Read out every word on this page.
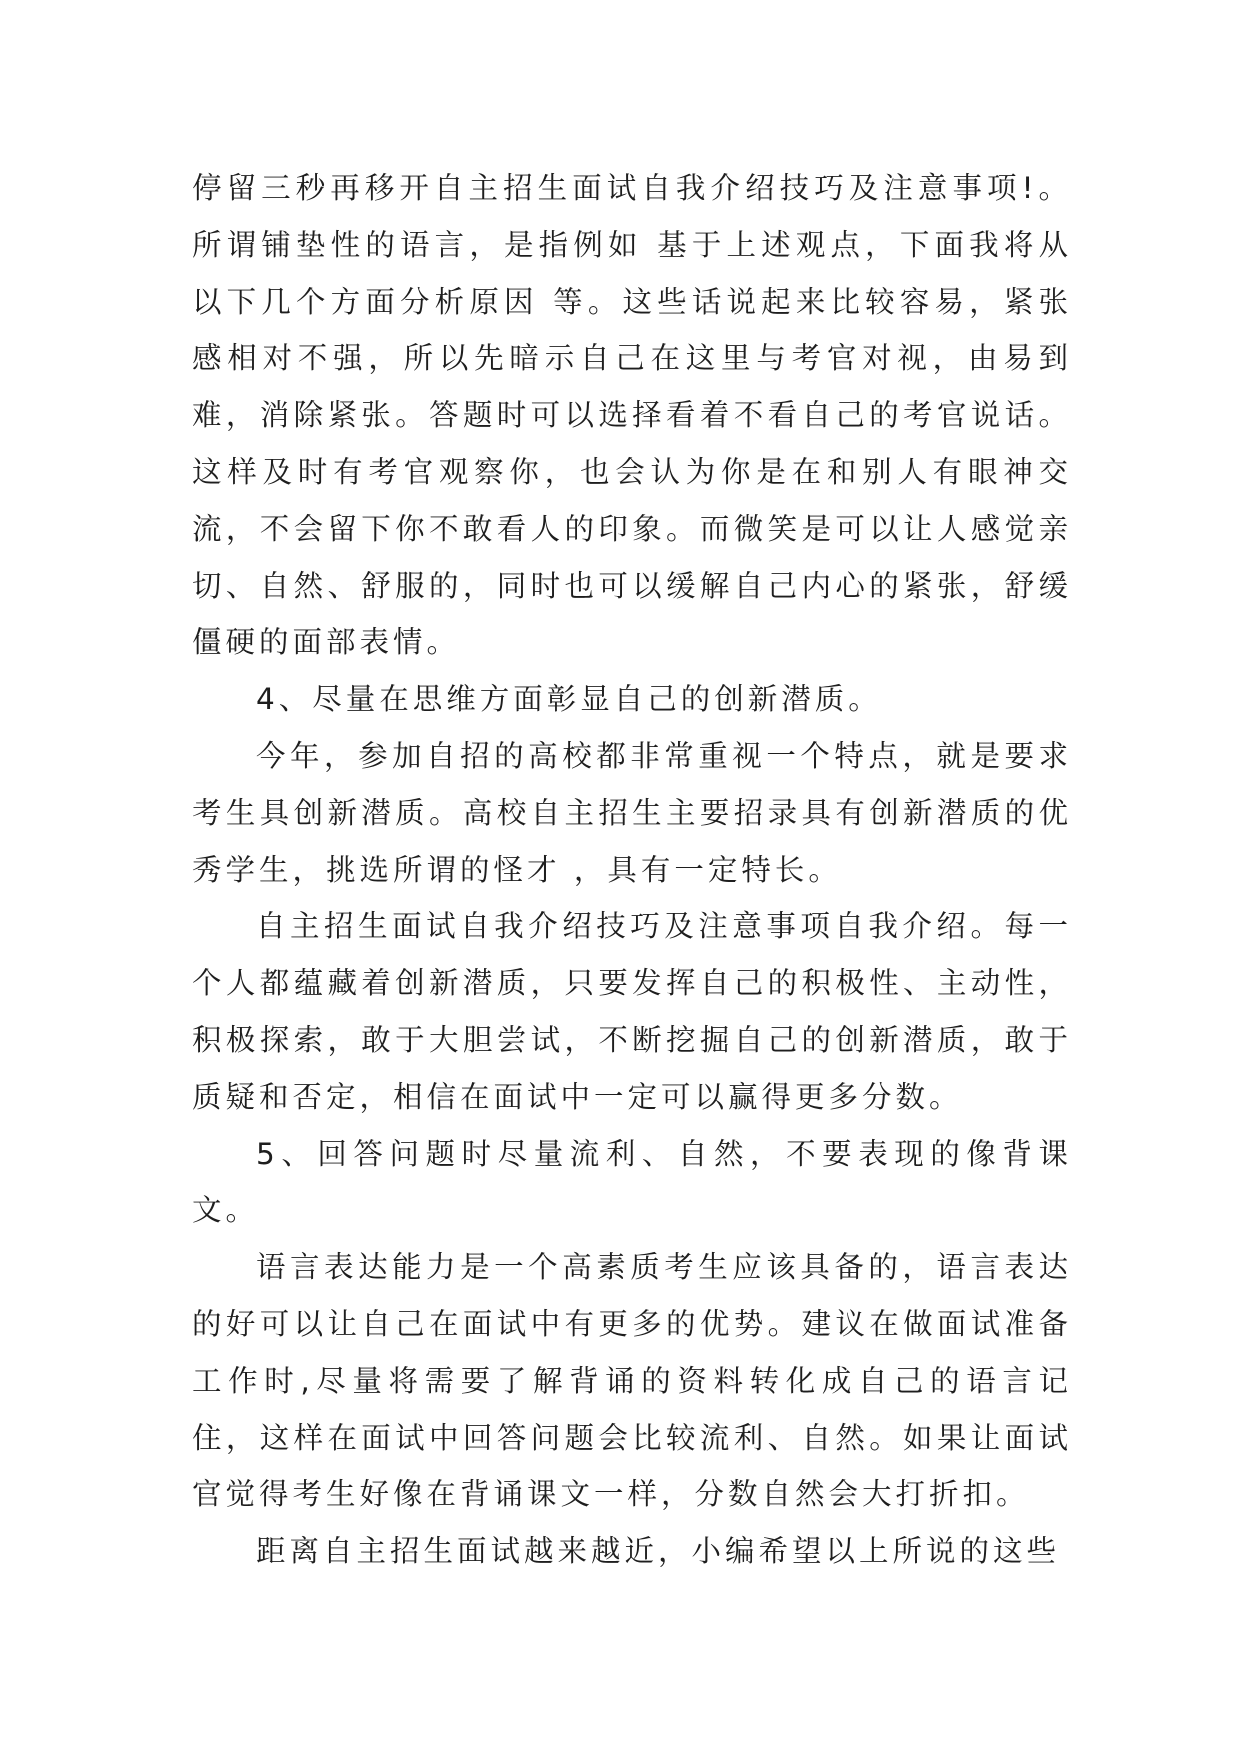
停留三秒再移开自主招生面试自我介绍技巧及注意事项!。所谓铺垫性的语言，是指例如 基于上述观点，下面我将从以下几个方面分析原因 等。这些话说起来比较容易，紧张感相对不强，所以先暗示自己在这里与考官对视，由易到难，消除紧张。答题时可以选择看着不看自己的考官说话。这样及时有考官观察你，也会认为你是在和别人有眼神交流，不会留下你不敢看人的印象。而微笑是可以让人感觉亲切、自然、舒服的，同时也可以缓解自己内心的紧张，舒缓僵硬的面部表情。

4、尽量在思维方面彰显自己的创新潜质。

今年，参加自招的高校都非常重视一个特点，就是要求考生具创新潜质。高校自主招生主要招录具有创新潜质的优秀学生，挑选所谓的怪才 ，具有一定特长。

自主招生面试自我介绍技巧及注意事项自我介绍。每一个人都蕴藏着创新潜质，只要发挥自己的积极性、主动性，积极探索，敢于大胆尝试，不断挖掘自己的创新潜质，敢于质疑和否定，相信在面试中一定可以赢得更多分数。

5、回答问题时尽量流利、自然，不要表现的像背课文。

语言表达能力是一个高素质考生应该具备的，语言表达的好可以让自己在面试中有更多的优势。建议在做面试准备工作时,尽量将需要了解背诵的资料转化成自己的语言记住，这样在面试中回答问题会比较流利、自然。如果让面试官觉得考生好像在背诵课文一样，分数自然会大打折扣。

距离自主招生面试越来越近，小编希望以上所说的这些
